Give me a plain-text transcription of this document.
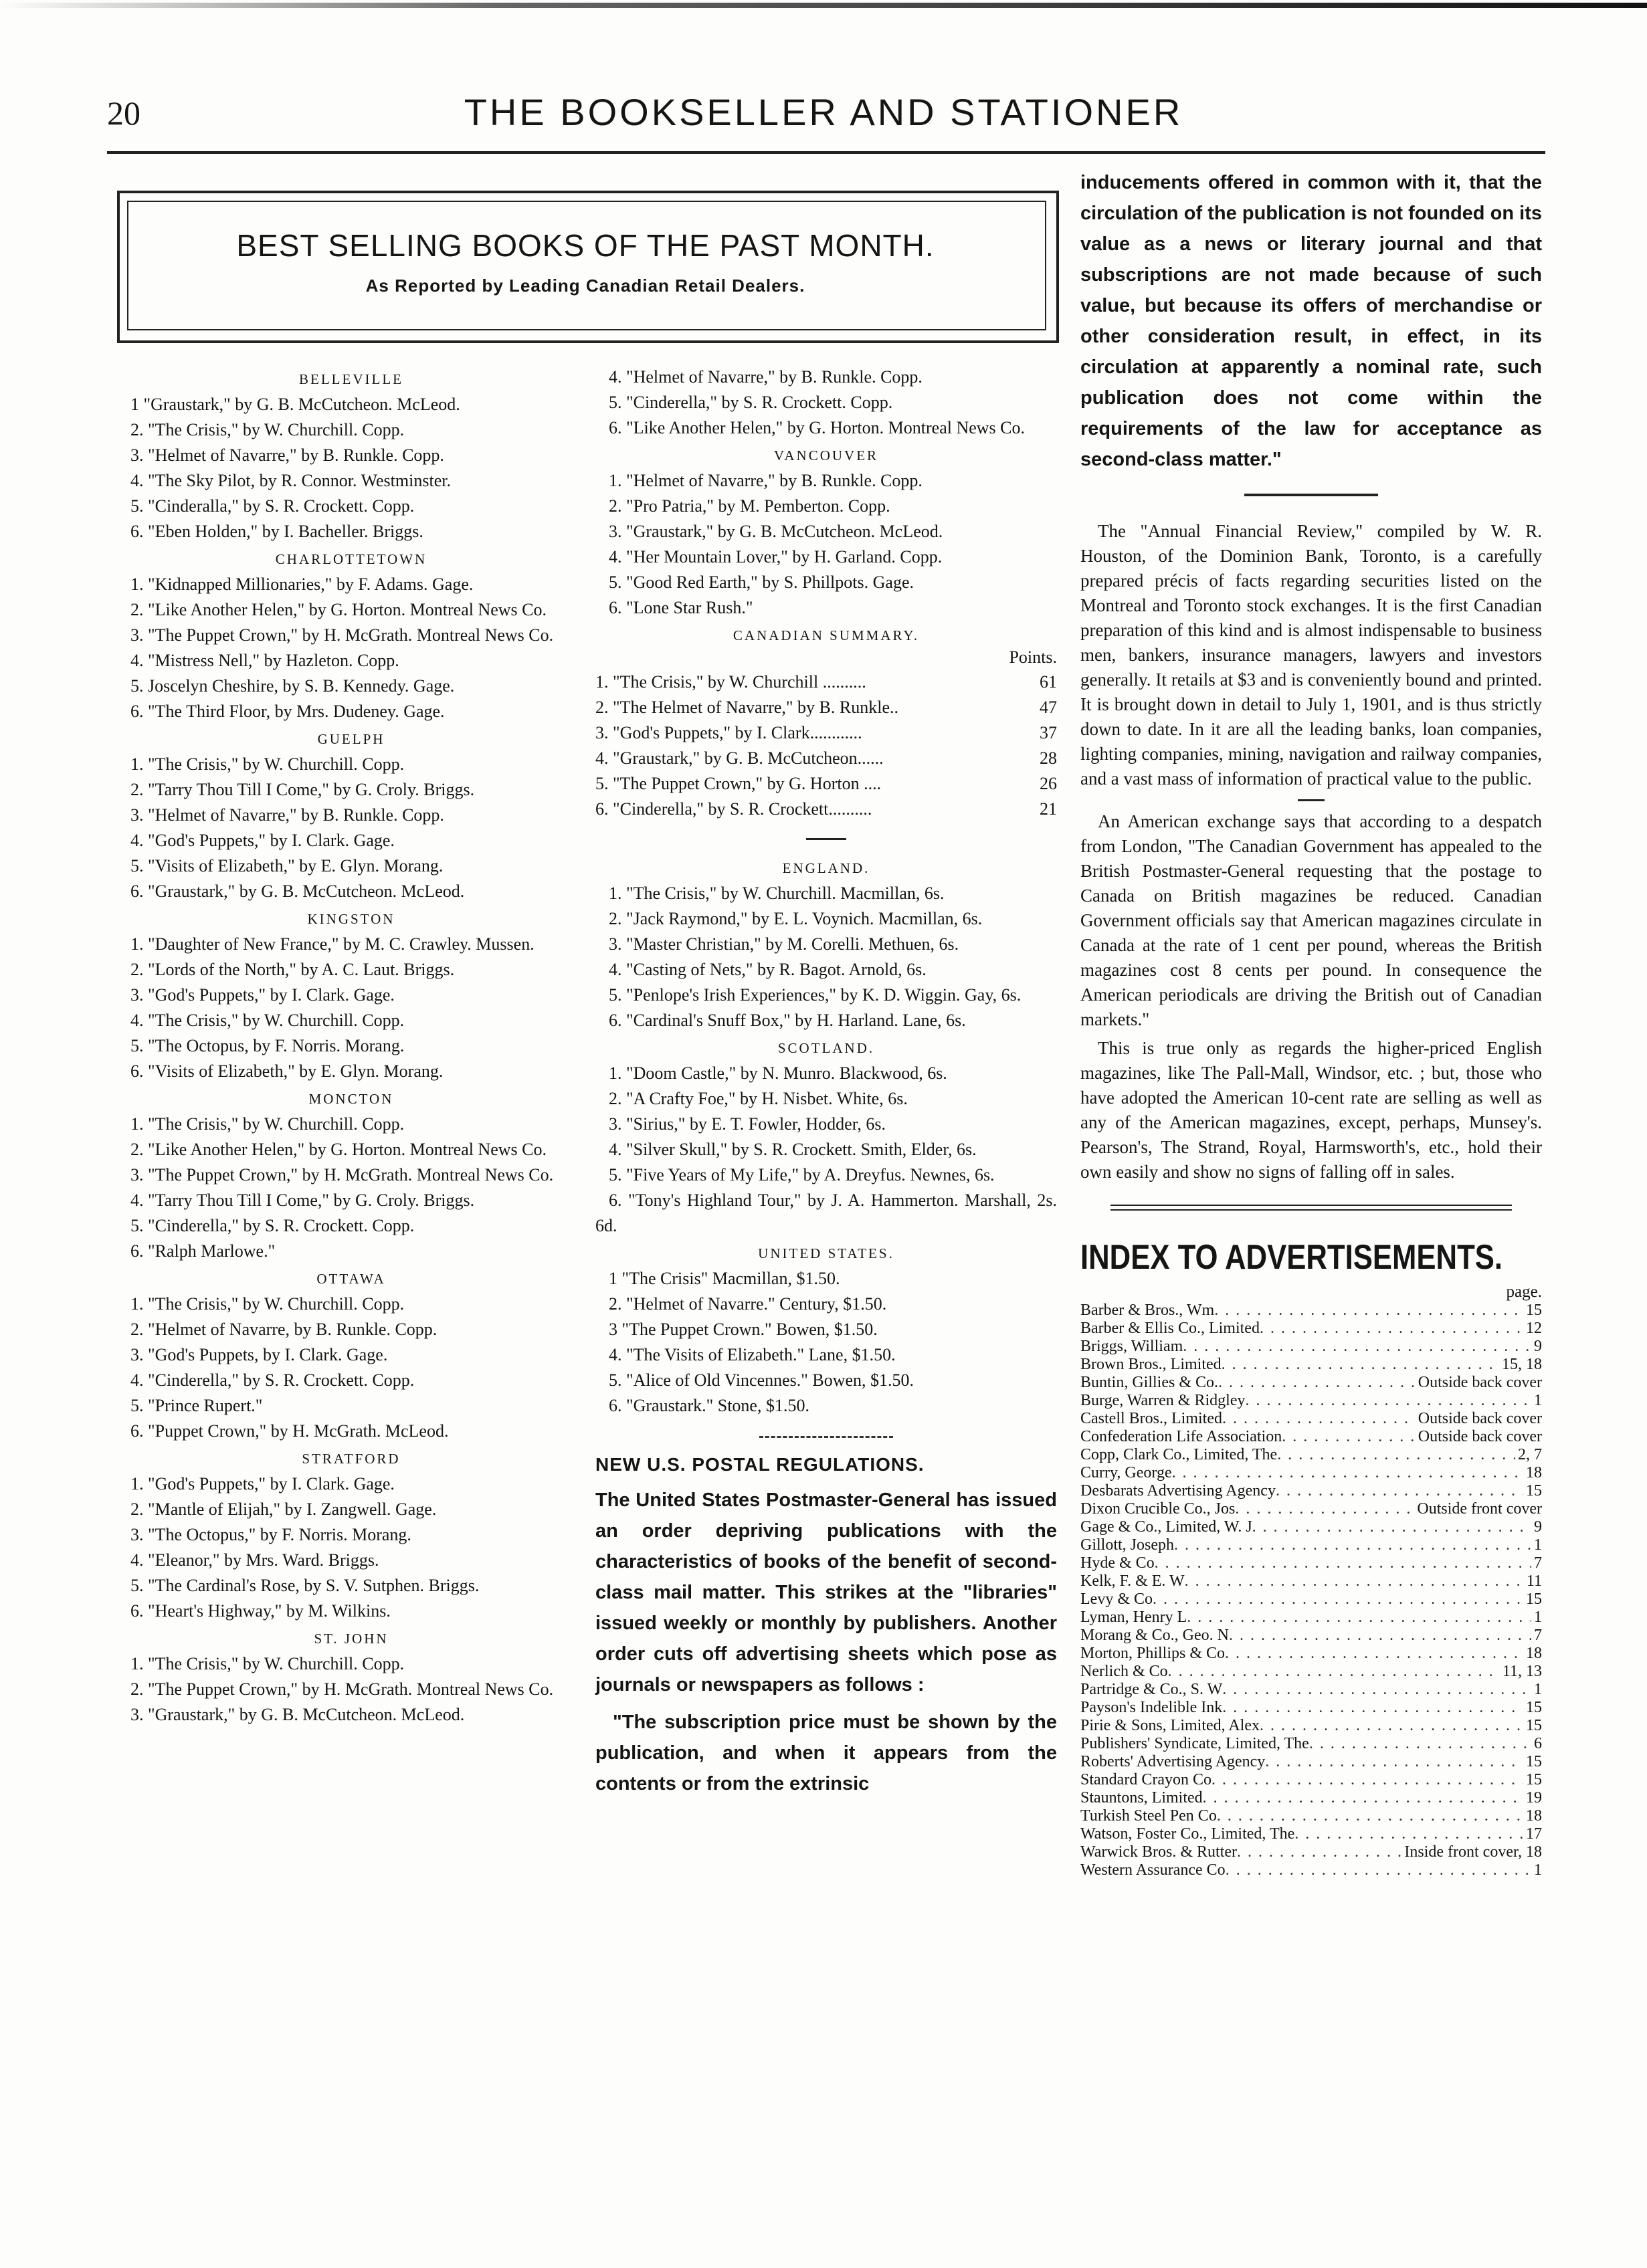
20	THE BOOKSELLER AND STATIONER
BEST SELLING BOOKS OF THE PAST MONTH.
As Reported by Leading Canadian Retail Dealers.
BELLEVILLE

1 "Graustark," by G. B. McCutcheon. McLeod.

2. "The Crisis," by W. Churchill. Copp.

3. "Helmet of Navarre," by B. Runkle. Copp.

4. "The Sky Pilot, by R. Connor. Westminster.

5. "Cinderalla," by S. R. Crockett. Copp.

6. "Eben Holden," by I. Bacheller. Briggs.

CHARLOTTETOWN

1. "Kidnapped Millionaries," by F. Adams. Gage.

2. "Like Another Helen," by G. Horton. Montreal News Co.

3. "The Puppet Crown," by H. McGrath. Montreal News Co.

4. "Mistress Nell," by Hazleton. Copp.

5. Joscelyn Cheshire, by S. B. Kennedy. Gage.

6. "The Third Floor, by Mrs. Dudeney. Gage.

GUELPH

1. "The Crisis," by W. Churchill. Copp.

2. "Tarry Thou Till I Come," by G. Croly. Briggs.

3. "Helmet of Navarre," by B. Runkle. Copp.

4. "God's Puppets," by I. Clark. Gage.

5. "Visits of Elizabeth," by E. Glyn. Morang.

6. "Graustark," by G. B. McCutcheon. McLeod.

KINGSTON

1. "Daughter of New France," by M. C. Crawley. Mussen.

2. "Lords of the North," by A. C. Laut. Briggs.

3. "God's Puppets," by I. Clark. Gage.

4. "The Crisis," by W. Churchill. Copp.

5. "The Octopus, by F. Norris. Morang.

6. "Visits of Elizabeth," by E. Glyn. Morang.

MONCTON

1. "The Crisis," by W. Churchill. Copp.

2. "Like Another Helen," by G. Horton. Montreal News Co.

3. "The Puppet Crown," by H. McGrath. Montreal News Co.

4. "Tarry Thou Till I Come," by G. Croly. Briggs.

5. "Cinderella," by S. R. Crockett. Copp.

6. "Ralph Marlowe."

OTTAWA

1. "The Crisis," by W. Churchill. Copp.

2. "Helmet of Navarre, by B. Runkle. Copp.

3. "God's Puppets, by I. Clark. Gage.

4. "Cinderella," by S. R. Crockett. Copp.

5. "Prince Rupert."

6. "Puppet Crown," by H. McGrath. McLeod.

STRATFORD

1. "God's Puppets," by I. Clark. Gage.

2. "Mantle of Elijah," by I. Zangwell. Gage.

3. "The Octopus," by F. Norris. Morang.

4. "Eleanor," by Mrs. Ward. Briggs.

5. "The Cardinal's Rose, by S. V. Sutphen. Briggs.

6. "Heart's Highway," by M. Wilkins.

ST. JOHN

1. "The Crisis," by W. Churchill. Copp.

2. "The Puppet Crown," by H. McGrath. Montreal News Co.

3. "Graustark," by G. B. McCutcheon. McLeod.

4. "Helmet of Navarre," by B. Runkle. Copp.

5. "Cinderella," by S. R. Crockett. Copp.

6. "Like Another Helen," by G. Horton. Montreal News Co.

VANCOUVER

1. "Helmet of Navarre," by B. Runkle. Copp.

2. "Pro Patria," by M. Pemberton. Copp.

3. "Graustark," by G. B. McCutcheon. McLeod.

4. "Her Mountain Lover," by H. Garland. Copp.

5. "Good Red Earth," by S. Phillpots. Gage.

6. "Lone Star Rush."

CANADIAN SUMMARY.
Points.
1. "The Crisis," by W. Churchill ..........	61
2. "The Helmet of Navarre," by B. Runkle..	47
3. "God's Puppets," by I. Clark............	37
4. "Graustark," by G. B. McCutcheon......	28
5. "The Puppet Crown," by G. Horton ....	26
6. "Cinderella," by S. R. Crockett..........	21
ENGLAND.

1. "The Crisis," by W. Churchill. Macmillan, 6s.

2. "Jack Raymond," by E. L. Voynich. Macmillan, 6s.

3. "Master Christian," by M. Corelli. Methuen, 6s.

4. "Casting of Nets," by R. Bagot. Arnold, 6s.

5. "Penlope's Irish Experiences," by K. D. Wiggin. Gay, 6s.

6. "Cardinal's Snuff Box," by H. Harland. Lane, 6s.

SCOTLAND.

1. "Doom Castle," by N. Munro. Blackwood, 6s.

2. "A Crafty Foe," by H. Nisbet. White, 6s.

3. "Sirius," by E. T. Fowler, Hodder, 6s.

4. "Silver Skull," by S. R. Crockett. Smith, Elder, 6s.

5. "Five Years of My Life," by A. Dreyfus. Newnes, 6s.

6. "Tony's Highland Tour," by J. A. Hammerton. Marshall, 2s. 6d.

UNITED STATES.

1 "The Crisis" Macmillan, $1.50.

2. "Helmet of Navarre." Century, $1.50.

3 "The Puppet Crown." Bowen, $1.50.

4. "The Visits of Elizabeth." Lane, $1.50.

5. "Alice of Old Vincennes." Bowen, $1.50.

6. "Graustark." Stone, $1.50.

NEW U.S. POSTAL REGULATIONS.

The United States Postmaster-General has issued an order depriving publications with the characteristics of books of the benefit of second-class mail matter. This strikes at the "libraries" issued weekly or monthly by publishers. Another order cuts off advertising sheets which pose as journals or newspapers as follows :

"The subscription price must be shown by the publication, and when it appears from the contents or from the extrinsic

inducements offered in common with it, that the circulation of the publication is not founded on its value as a news or literary journal and that subscriptions are not made because of such value, but because its offers of merchandise or other consideration result, in effect, in its circulation at apparently a nominal rate, such publication does not come within the requirements of the law for acceptance as second-class matter."

The "Annual Financial Review," compiled by W. R. Houston, of the Dominion Bank, Toronto, is a carefully prepared précis of facts regarding securities listed on the Montreal and Toronto stock exchanges. It is the first Canadian preparation of this kind and is almost indispensable to business men, bankers, insurance managers, lawyers and investors generally. It retails at $3 and is conveniently bound and printed. It is brought down in detail to July 1, 1901, and is thus strictly down to date. In it are all the leading banks, loan companies, lighting companies, mining, navigation and railway companies, and a vast mass of information of practical value to the public.

An American exchange says that according to a despatch from London, "The Canadian Government has appealed to the British Postmaster-General requesting that the postage to Canada on British magazines be reduced. Canadian Government officials say that American magazines circulate in Canada at the rate of 1 cent per pound, whereas the British magazines cost 8 cents per pound. In consequence the American periodicals are driving the British out of Canadian markets."

This is true only as regards the higher-priced English magazines, like The Pall-Mall, Windsor, etc. ; but, those who have adopted the American 10-cent rate are selling as well as any of the American magazines, except, perhaps, Munsey's. Pearson's, The Strand, Royal, Harmsworth's, etc., hold their own easily and show no signs of falling off in sales.

INDEX TO ADVERTISEMENTS.
page.
Barber & Bros., Wm . . .	15
Barber & Ellis Co., Limited . . .	12
Briggs, William . . .	9
Brown Bros., Limited . . .	15, 18
Buntin, Gillies & Co. . . .	Outside back cover
Burge, Warren & Ridgley . . .	1
Castell Bros., Limited . . .	Outside back cover
Confederation Life Association . . .	Outside back cover
Copp, Clark Co., Limited, The . . .	2, 7
Curry, George . . .	18
Desbarats Advertising Agency . . .	15
Dixon Crucible Co., Jos . . .	Outside front cover
Gage & Co., Limited, W. J . . .	9
Gillott, Joseph . . .	1
Hyde & Co . . .	7
Kelk, F. & E. W . . .	11
Levy & Co . . .	15
Lyman, Henry L . . .	1
Morang & Co., Geo. N . . .	7
Morton, Phillips & Co . . .	18
Nerlich & Co . . .	11, 13
Partridge & Co., S. W . . .	1
Payson's Indelible Ink . . .	15
Pirie & Sons, Limited, Alex . . .	15
Publishers' Syndicate, Limited, The . . .	6
Roberts' Advertising Agency . . .	15
Standard Crayon Co . . .	15
Stauntons, Limited . . .	19
Turkish Steel Pen Co . . .	18
Watson, Foster Co., Limited, The . . .	17
Warwick Bros. & Rutter . . .	Inside front cover, 18
Western Assurance Co . . .	1
